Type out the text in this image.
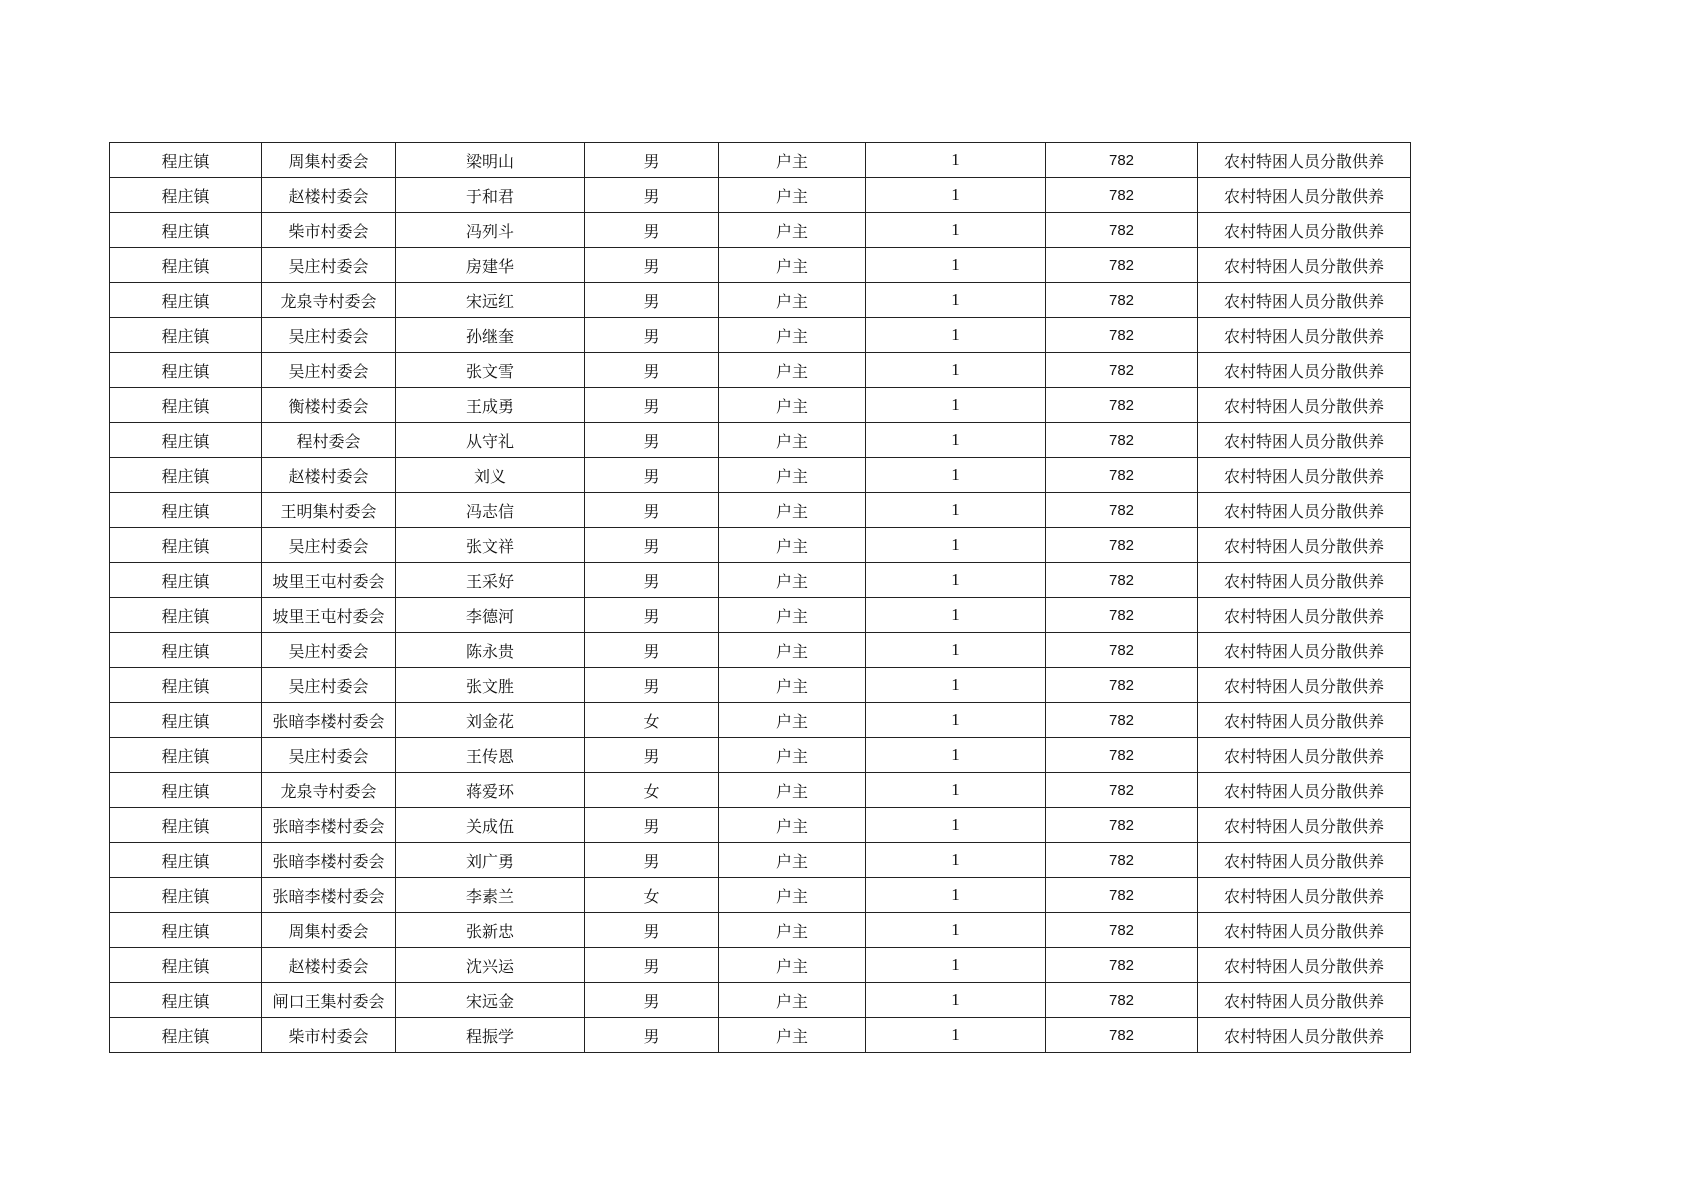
程庄镇	周集村委会	梁明山	男	户主	1	782	农村特困人员分散供养
程庄镇	赵楼村委会	于和君	男	户主	1	782	农村特困人员分散供养
程庄镇	柴市村委会	冯列斗	男	户主	1	782	农村特困人员分散供养
程庄镇	吴庄村委会	房建华	男	户主	1	782	农村特困人员分散供养
程庄镇	龙泉寺村委会	宋远红	男	户主	1	782	农村特困人员分散供养
程庄镇	吴庄村委会	孙继奎	男	户主	1	782	农村特困人员分散供养
程庄镇	吴庄村委会	张文雪	男	户主	1	782	农村特困人员分散供养
程庄镇	衡楼村委会	王成勇	男	户主	1	782	农村特困人员分散供养
程庄镇	程村委会	从守礼	男	户主	1	782	农村特困人员分散供养
程庄镇	赵楼村委会	刘义	男	户主	1	782	农村特困人员分散供养
程庄镇	王明集村委会	冯志信	男	户主	1	782	农村特困人员分散供养
程庄镇	吴庄村委会	张文祥	男	户主	1	782	农村特困人员分散供养
程庄镇	坡里王屯村委会	王采好	男	户主	1	782	农村特困人员分散供养
程庄镇	坡里王屯村委会	李德河	男	户主	1	782	农村特困人员分散供养
程庄镇	吴庄村委会	陈永贵	男	户主	1	782	农村特困人员分散供养
程庄镇	吴庄村委会	张文胜	男	户主	1	782	农村特困人员分散供养
程庄镇	张暗李楼村委会	刘金花	女	户主	1	782	农村特困人员分散供养
程庄镇	吴庄村委会	王传恩	男	户主	1	782	农村特困人员分散供养
程庄镇	龙泉寺村委会	蒋爱环	女	户主	1	782	农村特困人员分散供养
程庄镇	张暗李楼村委会	关成伍	男	户主	1	782	农村特困人员分散供养
程庄镇	张暗李楼村委会	刘广勇	男	户主	1	782	农村特困人员分散供养
程庄镇	张暗李楼村委会	李素兰	女	户主	1	782	农村特困人员分散供养
程庄镇	周集村委会	张新忠	男	户主	1	782	农村特困人员分散供养
程庄镇	赵楼村委会	沈兴运	男	户主	1	782	农村特困人员分散供养
程庄镇	闸口王集村委会	宋远金	男	户主	1	782	农村特困人员分散供养
程庄镇	柴市村委会	程振学	男	户主	1	782	农村特困人员分散供养
